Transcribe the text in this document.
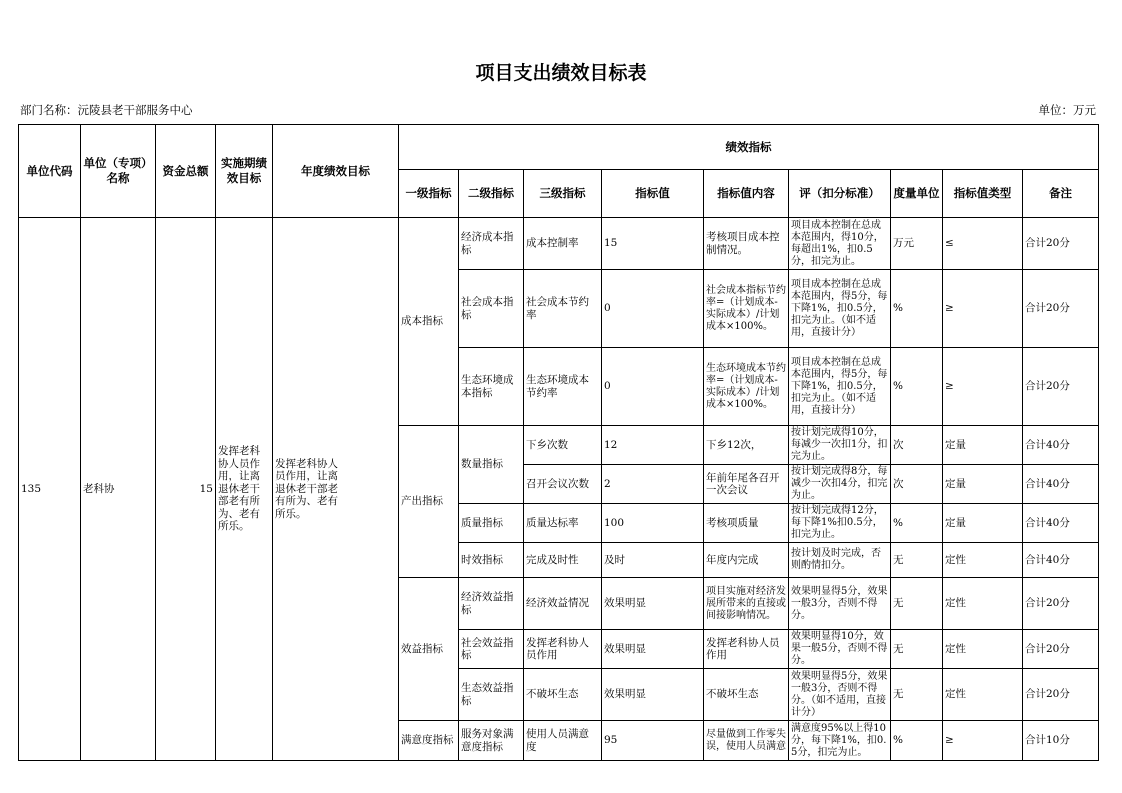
项目支出绩效目标表
部门名称：沅陵县老干部服务中心	单位：万元
单位代码	单位（专项）名称	资金总额	实施期绩效目标	年度绩效目标	绩效指标								
					一级指标	二级指标	三级指标	指标值	指标值内容	评（扣分标准）	度量单位	指标值类型	备注
135	老科协	15	发挥老科协人员作用，让离退休老干部老有所为、老有所乐。	发挥老科协人员作用，让离退休老干部老有所为、老有所乐。	成本指标	经济成本指标	成本控制率	15	考核项目成本控制情况。	项目成本控制在总成本范围内，得10分，每超出1%，扣0.5分，扣完为止。	万元	≤	合计20分
						社会成本指标	社会成本节约率	0	社会成本指标节约率=（计划成本-实际成本）/计划成本×100%。	项目成本控制在总成本范围内，得5分，每下降1%，扣0.5分，扣完为止。（如不适用，直接计分）	%	≥	合计20分
						生态环境成本指标	生态环境成本节约率	0	生态环境成本节约率=（计划成本-实际成本）/计划成本×100%。	项目成本控制在总成本范围内，得5分，每下降1%，扣0.5分，扣完为止。（如不适用，直接计分）	%	≥	合计20分
					产出指标	数量指标	下乡次数	12	下乡12次，	按计划完成得10分，每减少一次扣1分，扣完为止。	次	定量	合计40分
							召开会议次数	2	年前年尾各召开一次会议	按计划完成得8分，每减少一次扣4分，扣完为止。	次	定量	合计40分
						质量指标	质量达标率	100	考核项质量	按计划完成得12分，每下降1%扣0.5分，扣完为止。	%	定量	合计40分
						时效指标	完成及时性	及时	年度内完成	按计划及时完成，否则酌情扣分。	无	定性	合计40分
					效益指标	经济效益指标	经济效益情况	效果明显	项目实施对经济发展所带来的直接或间接影响情况。	效果明显得5分，效果一般3分，否则不得分。	无	定性	合计20分
						社会效益指标	发挥老科协人员作用	效果明显	发挥老科协人员作用	效果明显得10分，效果一般5分，否则不得分。	无	定性	合计20分
						生态效益指标	不破坏生态	效果明显	不破坏生态	效果明显得5分，效果一般3分，否则不得分。（如不适用，直接计分）	无	定性	合计20分
					满意度指标	服务对象满意度指标	使用人员满意度	95	尽量做到工作零失误，使用人员满意	满意度95%以上得10分，每下降1%，扣0.5分，扣完为止。	%	≥	合计10分
